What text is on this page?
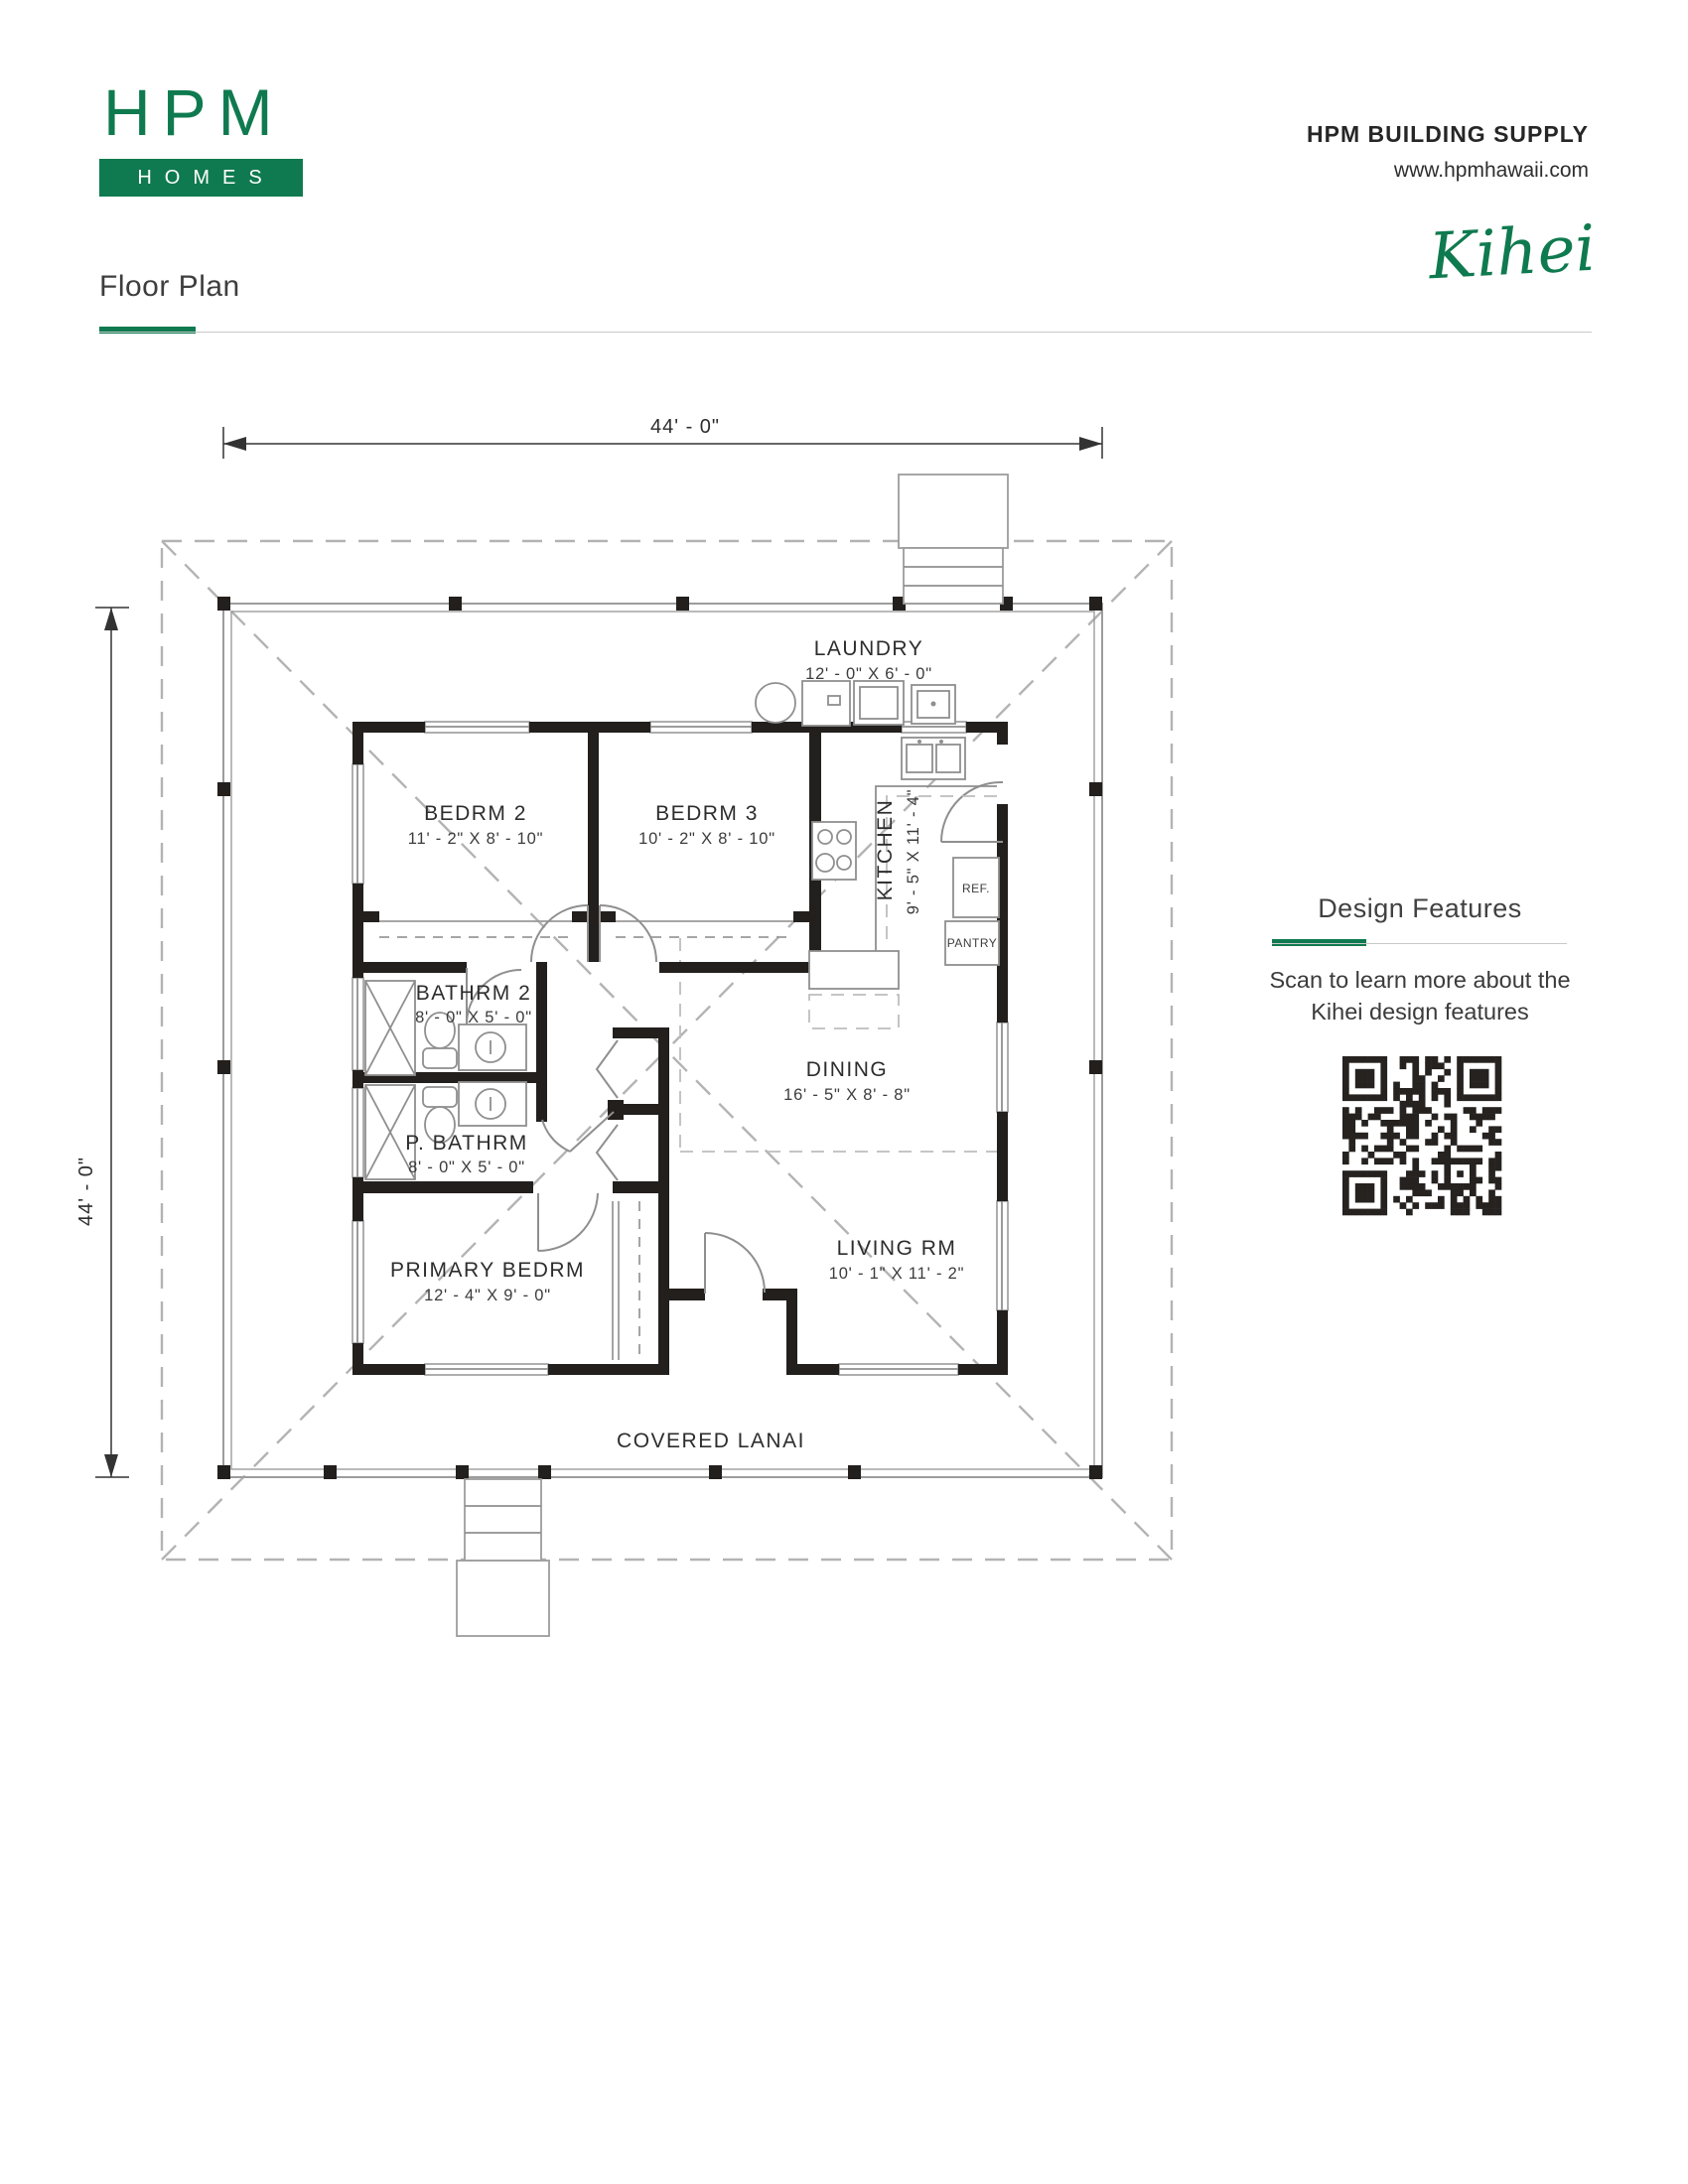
HPM
HOMES
HPM BUILDING SUPPLY
www.hpmhawaii.com
Kihei
Floor Plan
Design Features
Scan to learn more about the
Kihei design features
44' - 0"
44' - 0"
LAUNDRY
12' - 0" X 6' - 0"
BEDRM 2
11' - 2" X 8' - 10"
BEDRM 3
10' - 2" X 8' - 10"	KITCHEN 9' - 5" X 11' - 4"
BATHRM 2
8' - 0" X 5' - 0"
P. BATHRM
8' - 0" X 5' - 0"
PRIMARY BEDRM
12' - 4" X 9' - 0"
DINING
16' - 5" X 8' - 8"
LIVING RM
10' - 1" X 11' - 2"
COVERED LANAI
REF.
PANTRY
